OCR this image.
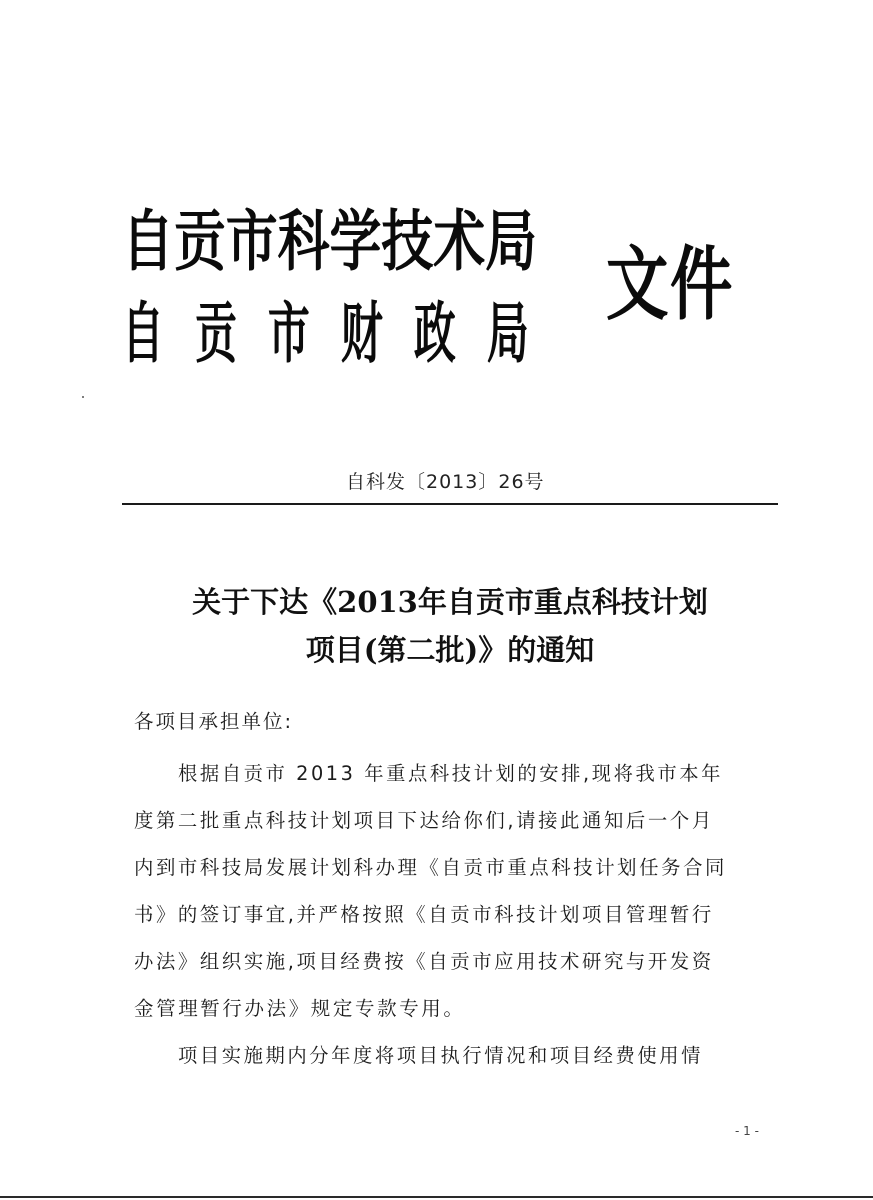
自贡市科学技术局
自 贡 市 财 政 局
文件
自科发〔2013〕26号
关于下达《2013年自贡市重点科技计划
项目(第二批)》的通知
各项目承担单位:
根据自贡市 2013 年重点科技计划的安排,现将我市本年
度第二批重点科技计划项目下达给你们,请接此通知后一个月
内到市科技局发展计划科办理《自贡市重点科技计划任务合同
书》的签订事宜,并严格按照《自贡市科技计划项目管理暂行
办法》组织实施,项目经费按《自贡市应用技术研究与开发资
金管理暂行办法》规定专款专用。
项目实施期内分年度将项目执行情况和项目经费使用情
- 1 -
